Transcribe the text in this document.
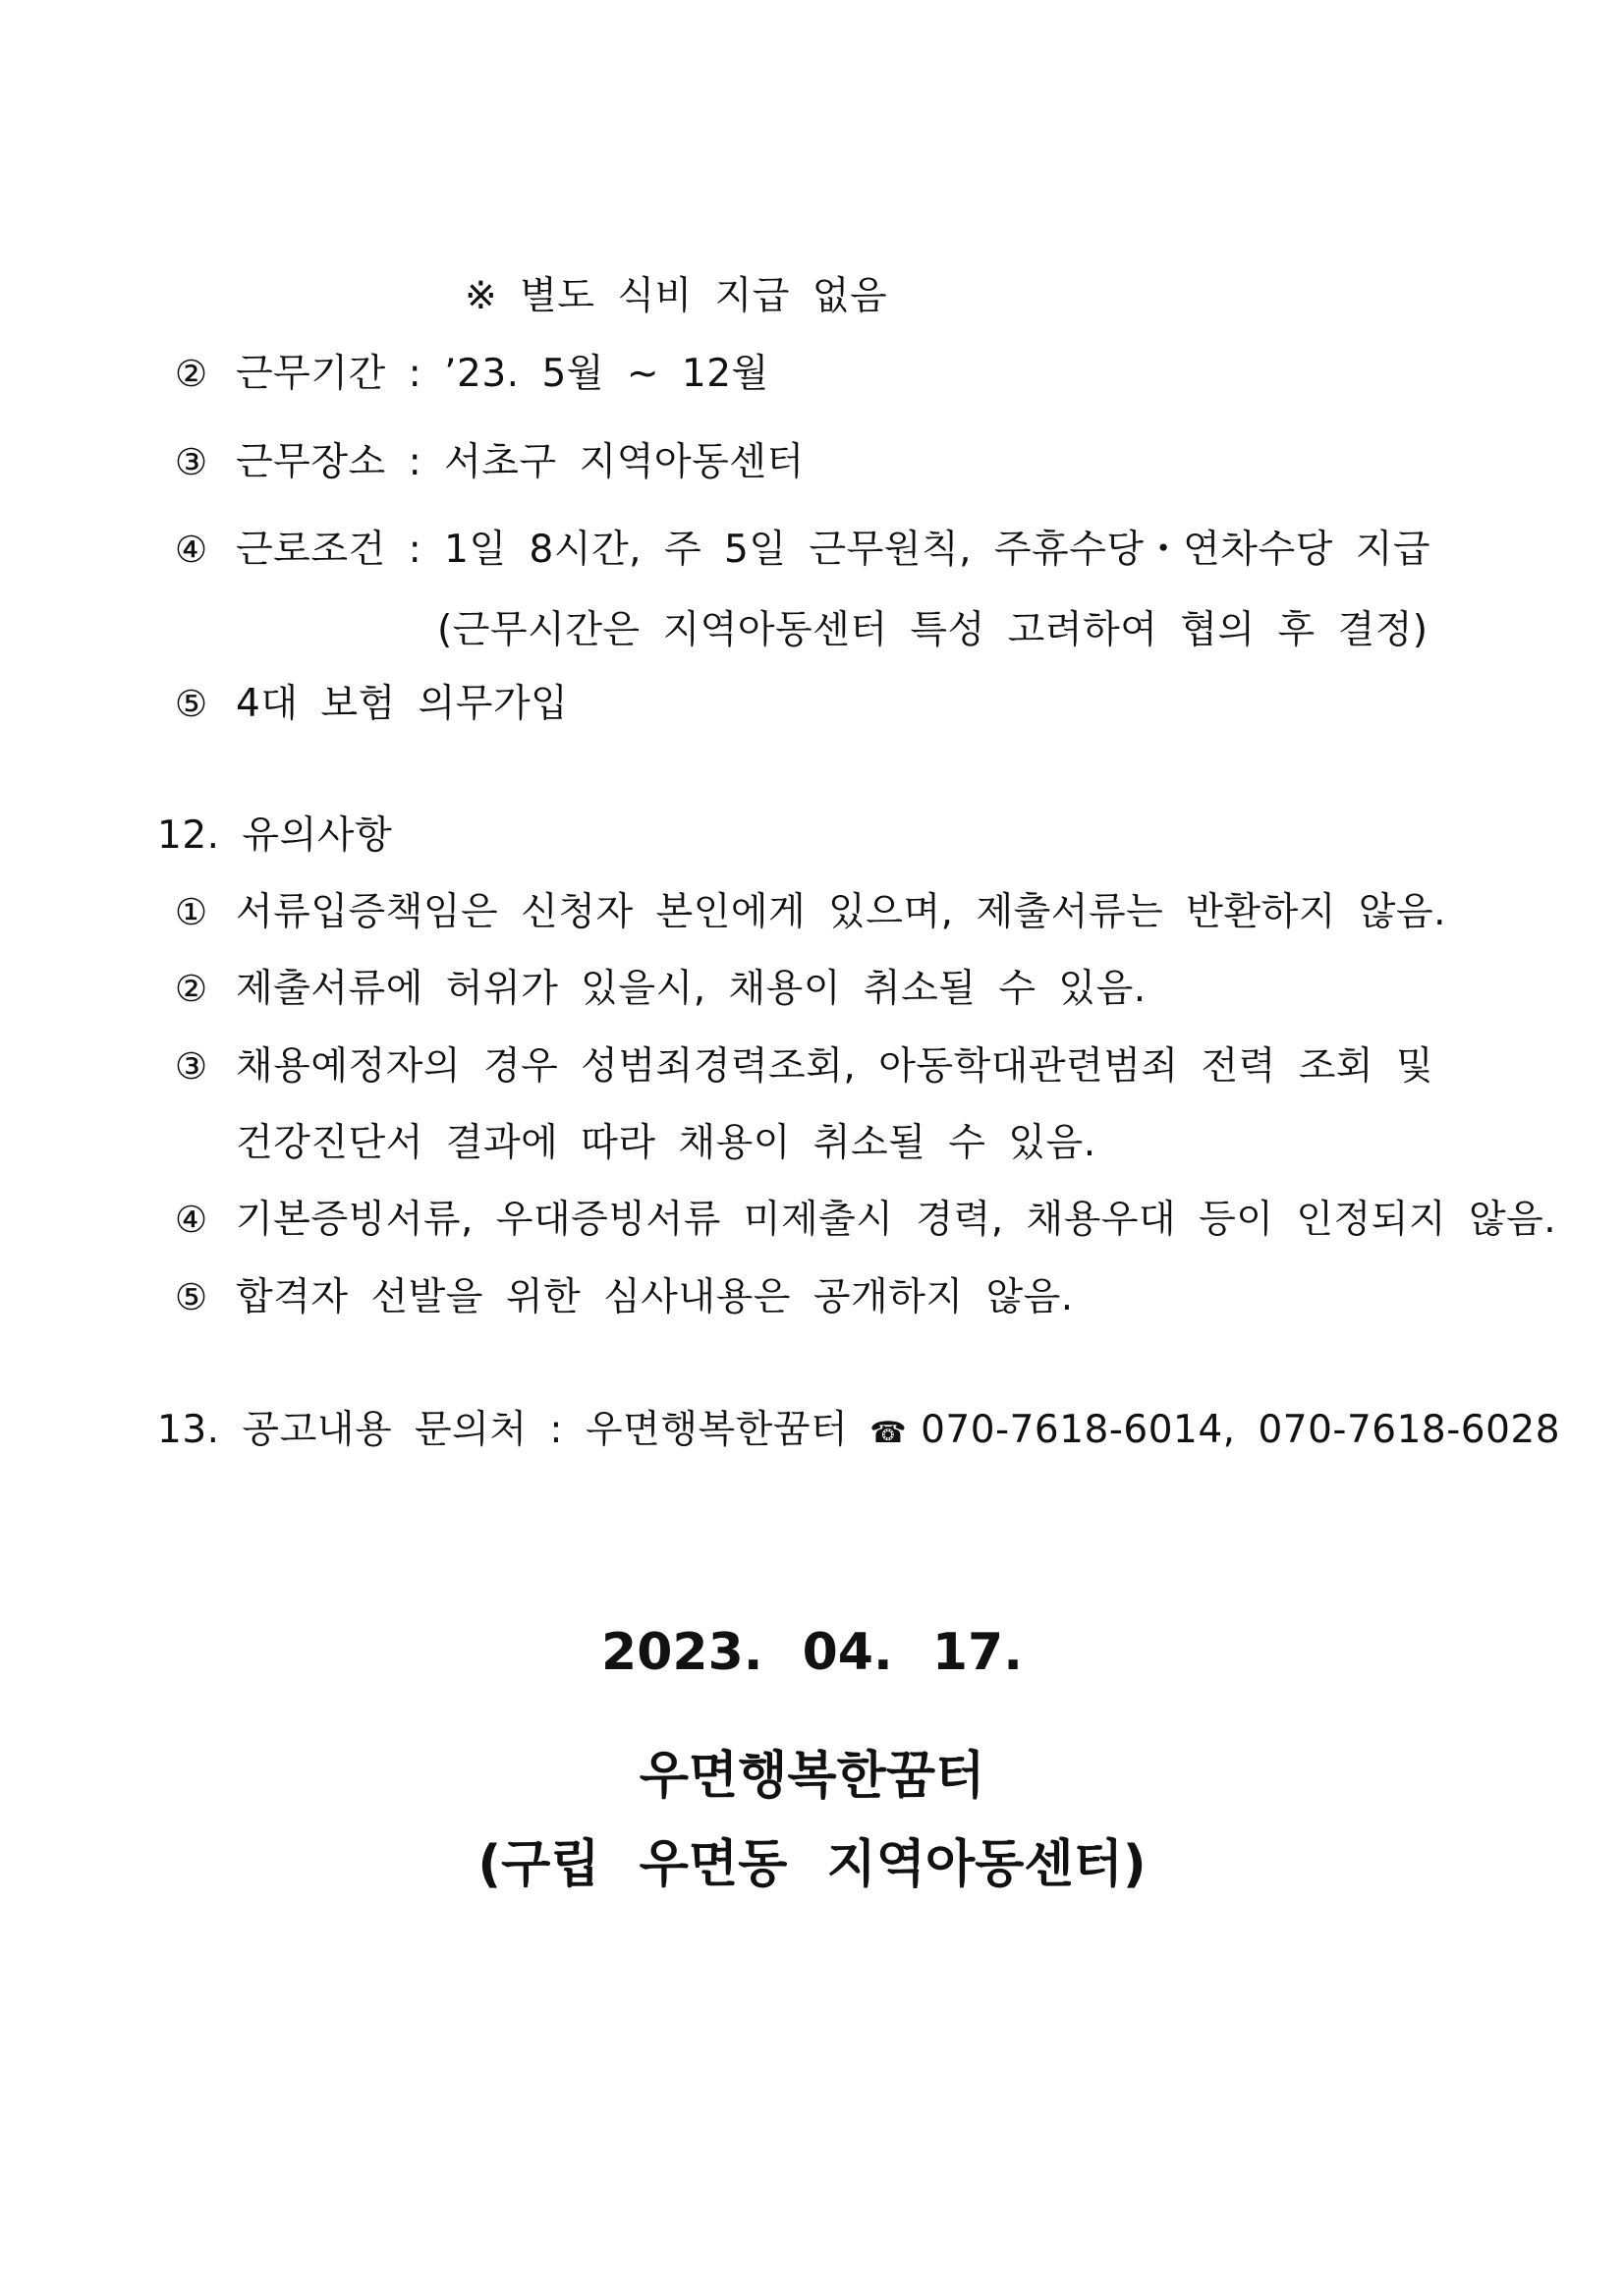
※ 별도 식비 지급 없음
② 근무기간 : ’23. 5월 ~ 12월
③ 근무장소 : 서초구 지역아동센터
④ 근로조건 : 1일 8시간, 주 5일 근무원칙, 주휴수당・연차수당 지급
(근무시간은 지역아동센터 특성 고려하여 협의 후 결정)
⑤ 4대 보험 의무가입
12. 유의사항
① 서류입증책임은 신청자 본인에게 있으며, 제출서류는 반환하지 않음.
② 제출서류에 허위가 있을시, 채용이 취소될 수 있음.
③ 채용예정자의 경우 성범죄경력조회, 아동학대관련범죄 전력 조회 및
건강진단서 결과에 따라 채용이 취소될 수 있음.
④ 기본증빙서류, 우대증빙서류 미제출시 경력, 채용우대 등이 인정되지 않음.
⑤ 합격자 선발을 위한 심사내용은 공개하지 않음.
13. 공고내용 문의처 : 우면행복한꿈터 ☎ 070-7618-6014, 070-7618-6028
2023. 04. 17.
우면행복한꿈터
(구립 우면동 지역아동센터)
